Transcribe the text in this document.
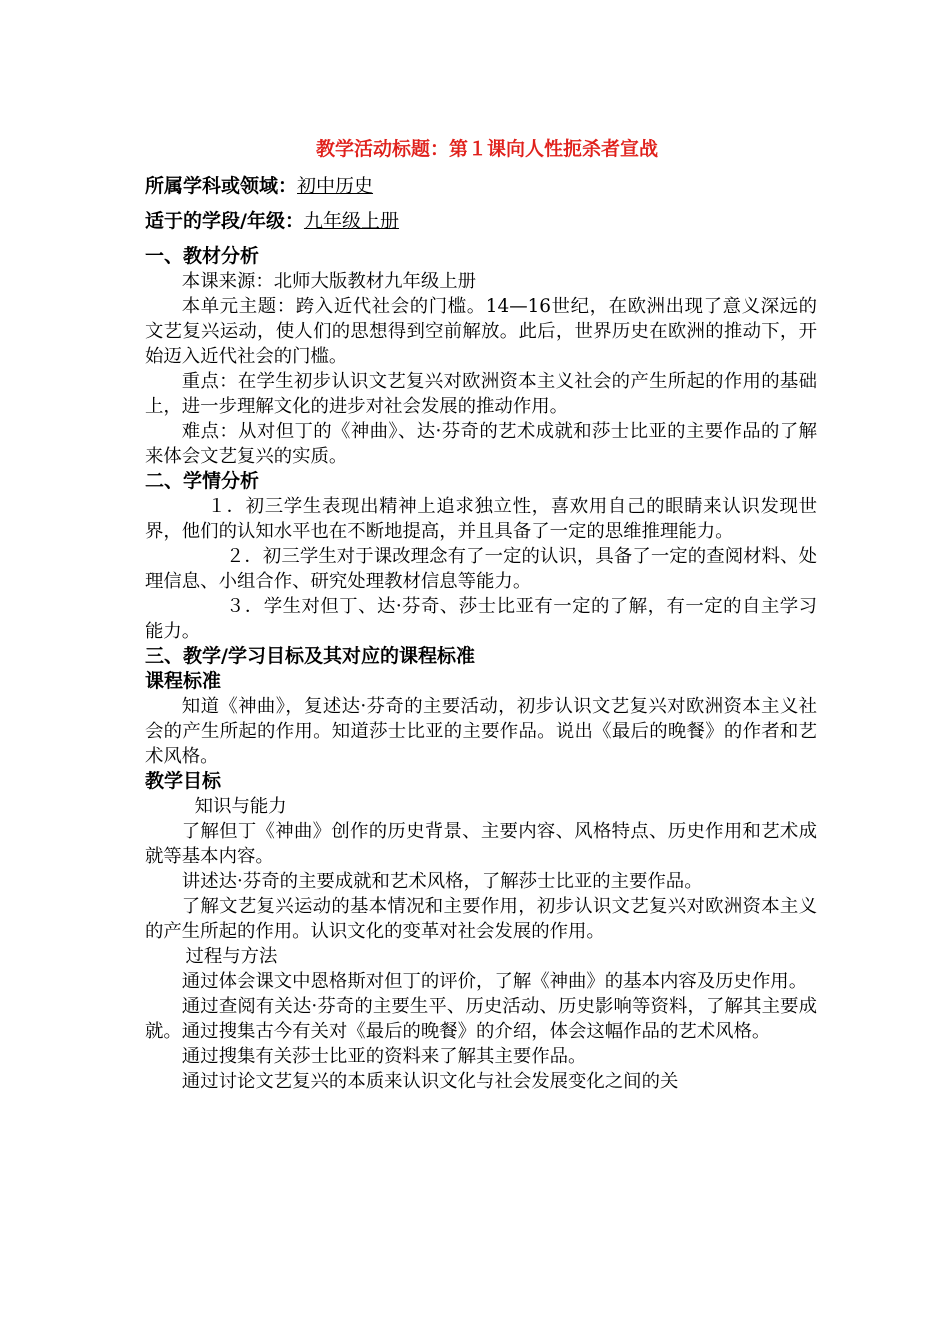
教学活动标题：第１课向人性扼杀者宣战
所属学科或领域：初中历史
适于的学段/年级：九年级上册
一、教材分析
本课来源：北师大版教材九年级上册
本单元主题：跨入近代社会的门槛。14—16世纪，在欧洲出现了意义深远的文艺复兴运动，使人们的思想得到空前解放。此后，世界历史在欧洲的推动下，开始迈入近代社会的门槛。
重点：在学生初步认识文艺复兴对欧洲资本主义社会的产生所起的作用的基础上，进一步理解文化的进步对社会发展的推动作用。
难点：从对但丁的《神曲》、达·芬奇的艺术成就和莎士比亚的主要作品的了解来体会文艺复兴的实质。
二、学情分析
１．初三学生表现出精神上追求独立性，喜欢用自己的眼睛来认识发现世界，他们的认知水平也在不断地提高，并且具备了一定的思维推理能力。
２．初三学生对于课改理念有了一定的认识，具备了一定的查阅材料、处理信息、小组合作、研究处理教材信息等能力。
３．学生对但丁、达·芬奇、莎士比亚有一定的了解，有一定的自主学习能力。
三、教学/学习目标及其对应的课程标准
课程标准
知道《神曲》，复述达·芬奇的主要活动，初步认识文艺复兴对欧洲资本主义社会的产生所起的作用。知道莎士比亚的主要作品。说出《最后的晚餐》的作者和艺术风格。
教学目标
知识与能力
了解但丁《神曲》创作的历史背景、主要内容、风格特点、历史作用和艺术成就等基本内容。
讲述达·芬奇的主要成就和艺术风格，了解莎士比亚的主要作品。
了解文艺复兴运动的基本情况和主要作用，初步认识文艺复兴对欧洲资本主义的产生所起的作用。认识文化的变革对社会发展的作用。
过程与方法
通过体会课文中恩格斯对但丁的评价，了解《神曲》的基本内容及历史作用。
通过查阅有关达·芬奇的主要生平、历史活动、历史影响等资料，了解其主要成就。通过搜集古今有关对《最后的晚餐》的介绍，体会这幅作品的艺术风格。
通过搜集有关莎士比亚的资料来了解其主要作品。
通过讨论文艺复兴的本质来认识文化与社会发展变化之间的关
